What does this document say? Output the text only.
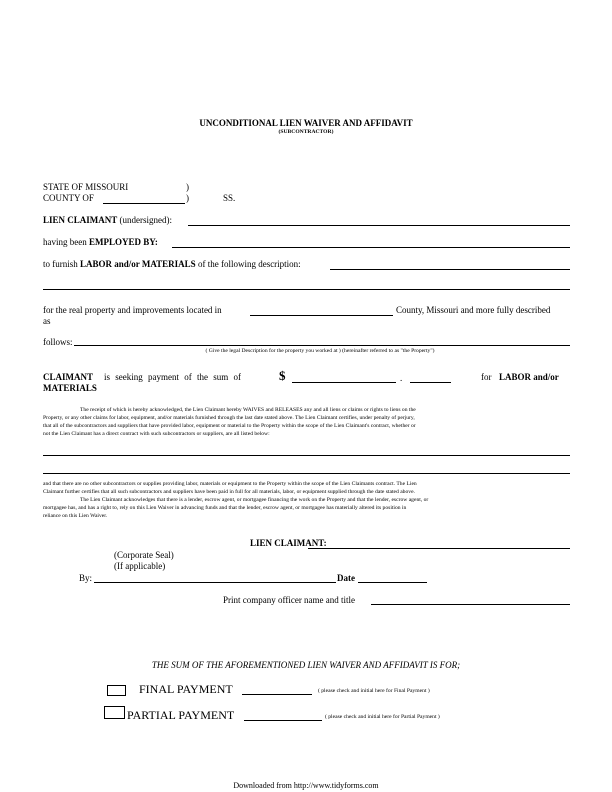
UNCONDITIONAL LIEN WAIVER AND AFFIDAVIT
(SUBCONTRACTOR)
STATE OF MISSOURI	)
COUNTY OF	)	SS.
LIEN CLAIMANT (undersigned):
having been EMPLOYED BY:
to furnish LABOR and/or MATERIALS of the following description:
for the real property and improvements located in	County, Missouri and more fully described
as
follows:
( Give the legal Description for the property you worked at ) (hereinafter referred to as "the Property")
CLAIMANT is seeking payment of the sum of	$	.	for LABOR and/or
MATERIALS
The receipt of which is hereby acknowledged, the Lien Claimant hereby WAIVES and RELEASES any and all liens or claims or rights to liens on the
Property, or any other claims for labor, equipment, and/or materials furnished through the last date stated above. The Lien Claimant certifies, under penalty of perjury,
that all of the subcontractors and suppliers that have provided labor, equipment or material to the Property within the scope of the Lien Claimant's contract, whether or
not the Lien Claimant has a direct contract with such subcontractors or suppliers, are all listed below:
and that there are no other subcontractors or supplies providing labor, materials or equipment to the Property within the scope of the Lien Claimants contract. The Lien
Claimant further certifies that all such subcontractors and suppliers have been paid in full for all materials, labor, or equipment supplied through the date stated above.
The Lien Claimant acknowledges that there is a lender, escrow agent, or mortgagee financing the work on the Property and that the lender, escrow agent, or
mortgagee has, and has a right to, rely on this Lien Waiver in advancing funds and that the lender, escrow agent, or mortgagee has materially altered its position in
reliance on this Lien Waiver.
LIEN CLAIMANT:
(Corporate Seal)
(If applicable)
By:	Date
Print company officer name and title
THE SUM OF THE AFOREMENTIONED LIEN WAIVER AND AFFIDAVIT IS FOR;
FINAL PAYMENT	( please check and initial here for Final Payment )
PARTIAL PAYMENT	( please check and initial here for Partial Payment )
Downloaded from http://www.tidyforms.com
